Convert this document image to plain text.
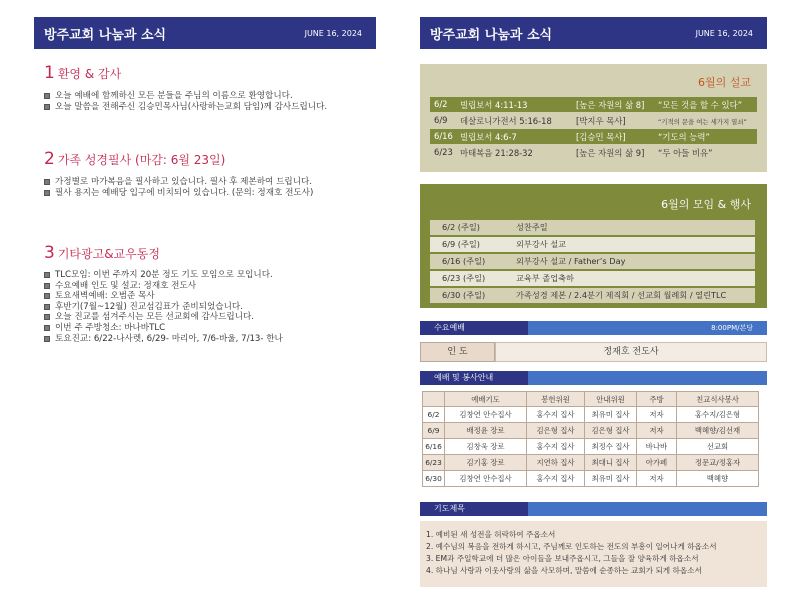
방주교회 나눔과 소식	JUNE 16, 2024
1 환영 & 감사
오늘 예배에 함께하신 모든 분들을 주님의 이름으로 환영합니다.
오늘 말씀을 전해주신 김승민목사님(사랑하는교회 담임)께 감사드립니다.
2 가족 성경필사 (마감: 6월 23일)
가정별로 마가복음을 필사하고 있습니다. 필사 후 제본하여 드립니다.
필사 용지는 예배당 입구에 비치되어 있습니다. (문의: 정재호 전도사)
3 기타광고&교우동정
TLC모임: 이번 주까지 20분 정도 기도 모임으로 모입니다.
수요예배 인도 및 설교: 정재호 전도사
토요새벽예배: 오범준 목사
후반기(7월~12월) 진교섬김표가 준비되었습니다.
오늘 진교를 섬겨주시는 모든 선교회에 감사드립니다.
이번 주 주방청소: 바나바TLC
토요진교: 6/22-나사렛, 6/29- 마리아, 7/6-바울, 7/13- 한나
방주교회 나눔과 소식	JUNE 16, 2024
6월의 설교
6/2 빌립보서 4:11-13	[높은 자원의 삶 8] “모든 것을 할 수 있다”
6/9 데살로니가전서 5:16-18	[박지우 목사]	“기적의 문을 여는 세가지 열쇠”
6/16 빌립보서 4:6-7	[김승민 목사]	“기도의 능력”
6/23 마태복음 21:28-32	[높은 자원의 삶 9] “두 아들 비유”
6월의 모임 & 행사
6/2 (주일)	성찬주일
6/9 (주일)	외부강사 설교
6/16 (주일)	외부강사 설교 / Father’s Day
6/23 (주일)	교육부 졸업축하
6/30 (주일)	가족성경 제본 / 2.4분기 제직회 / 선교회 월례회 / 열린TLC
수요예배	8:00PM/본당
인 도	정재호 전도사
예배 및 봉사안내
	예배기도	봉헌위원	안내위원	주방	친교식사봉사
6/2	김창연 안수집사	홍수지 집사	최유미 집사	저자	홍수지/김은형
6/9	배정윤 장로	김은형 집사	김은형 집사	저자	백혜향/김선재
6/16	김창욱 장로	홍수지 집사	최정수 집사	바나바	선교회
6/23	김기홍 장로	지연하 집사	최대니 집사	아가페	정문교/정홍자
6/30	김창연 안수집사	홍수지 집사	최유미 집사	저자	백혜향
기도제목
1. 예비된 새 성전을 허락하여 주옵소서
2. 예수님의 복음을 전하게 하시고, 주님께로 인도하는 전도의 부흥이 일어나게 하옵소서
3. EM과 주일학교에 더 많은 아이들을 보내주옵시고, 그들을 잘 양육하게 하옵소서
4. 하나님 사랑과 이웃사랑의 삶을 사모하며, 말씀에 순종하는 교회가 되게 하옵소서
